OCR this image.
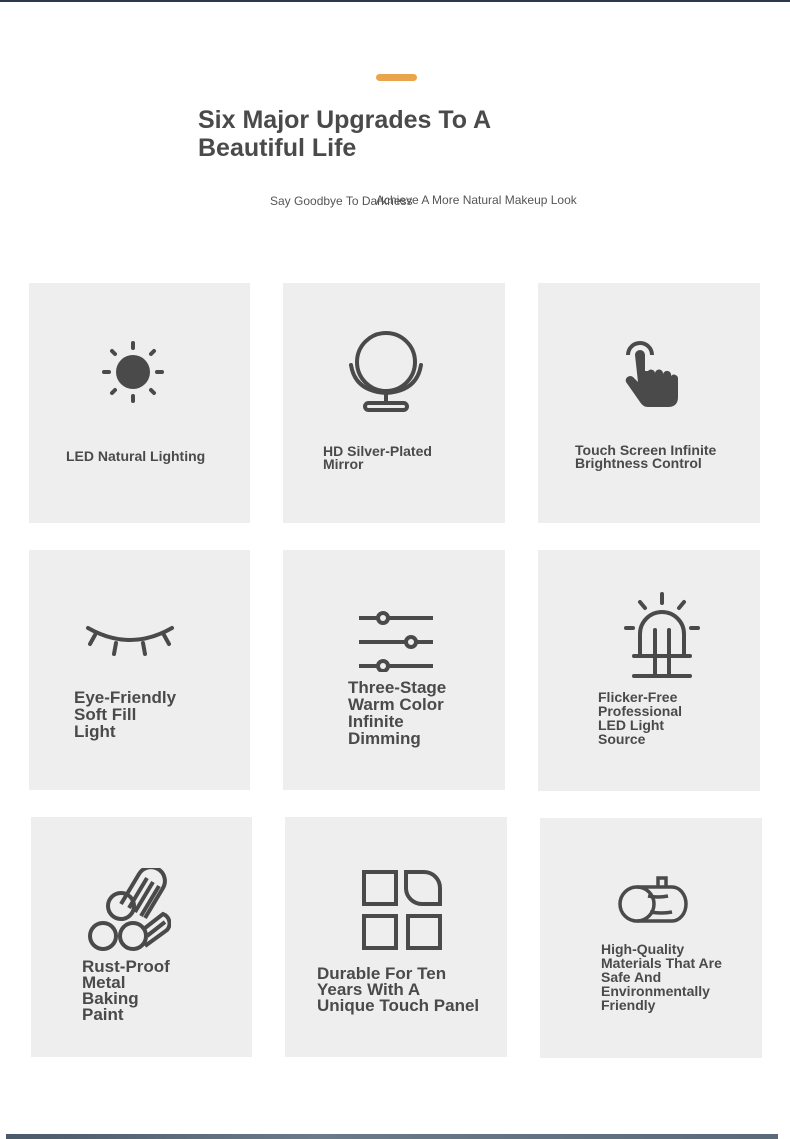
Six Major Upgrades To A
Beautiful Life
Say Goodbye To Darkness
Achieve A More Natural Makeup Look
LED Natural Lighting	HD Silver-Plated
Mirror
Touch Screen Infinite
Brightness Control
Eye-Friendly
Soft Fill
Light
Three-Stage
Warm Color
Infinite
Dimming
Flicker-Free
Professional
LED Light
Source
Rust-Proof
Metal
Baking
Paint
Durable For Ten
Years With A
Unique Touch Panel
High-Quality
Materials That Are
Safe And
Environmentally
Friendly
